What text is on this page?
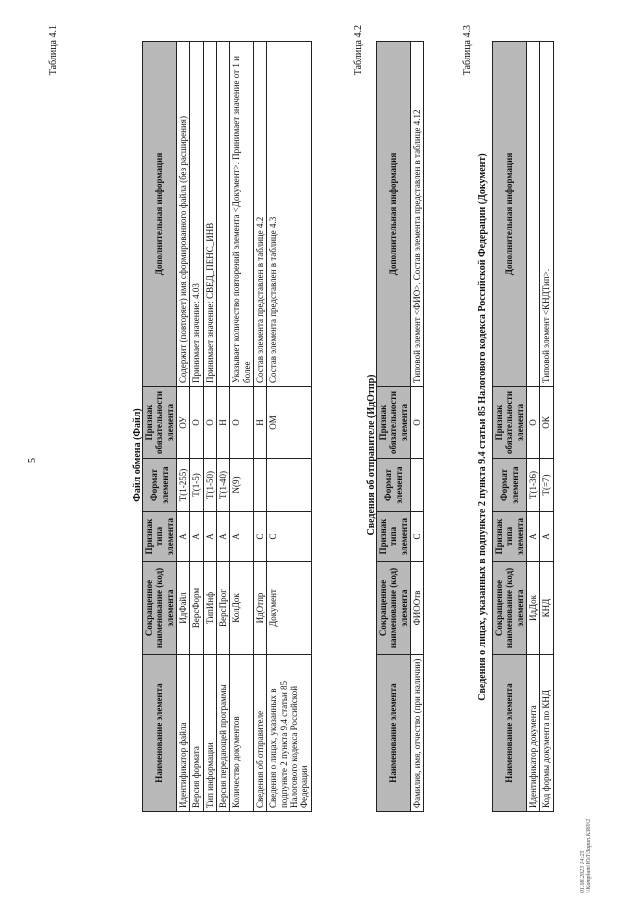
5
Таблица 4.1
Файл обмена (Файл)
Наименование элемента	Сокращенное наименование (код) элемента	Признак типа элемента	Формат элемента	Признак обязательности элемента	Дополнительная информация
Идентификатор файла	ИдФайл	А	Т(1-255)	ОУ	Содержит (повторяет) имя сформированного файла (без расширения)
Версия формата	ВерсФорм	А	Т(1-5)	О	Принимает значение: 4.03
Тип информации	ТипИнф	А	Т(1-50)	О	Принимает значение: СВЕД_ПЕНС_ИНВ
Версия передающей программы	ВерсПрог	А	Т(1-40)	Н	
Количество документов	КолДок	А	N(9)	О	Указывает количество повторений элемента <Документ>. Принимает значение от 1 и более
Сведения об отправителе	ИдОтпр	С		Н	Состав элемента представлен в таблице 4.2
Сведения о лицах, указанных в подпункте 2 пункта 9.4 статьи 85 Налогового кодекса Российской Федерации	Документ	С		ОМ	Состав элемента представлен в таблице 4.3
Таблица 4.2
Сведения об отправителе (ИдОтпр)
Наименование элемента	Сокращенное наименование (код) элемента	Признак типа элемента	Формат элемента	Признак обязательности элемента	Дополнительная информация
Фамилия, имя, отчество (при наличии)	ФИООтв	С		О	Типовой элемент <ФИО>. Состав элемента представлен в таблице 4.12
Таблица 4.3
Сведения о лицах, указанных в подпункте 2 пункта 9.4 статьи 85 Налогового кодекса Российской Федерации (Документ)
Наименование элемента	Сокращенное наименование (код) элемента	Признак типа элемента	Формат элемента	Признак обязательности элемента	Дополнительная информация
Идентификатор документа	ИдДок	А	Т(1-36)	О	
Код формы документа по КНД	КНД	А	Т(=7)	ОК	Типовой элемент <КНДТип>.
01.08.2023 14:25 \\Komplum\ЮЛ\Зарип.КЗ60\2
